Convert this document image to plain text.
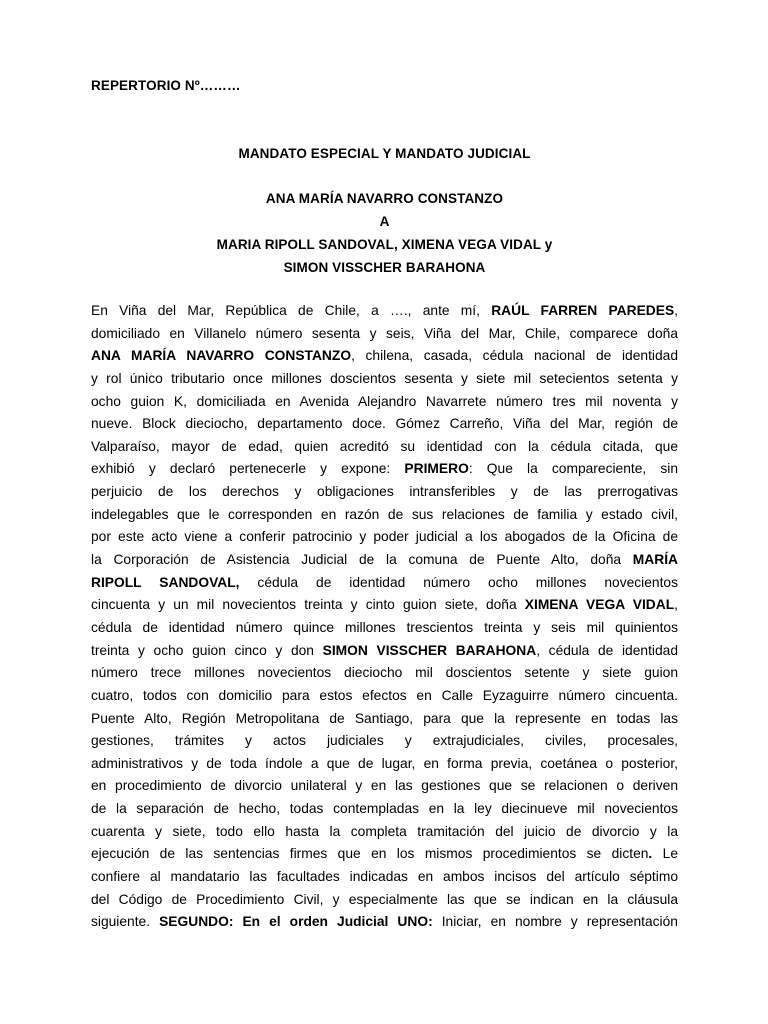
REPERTORIO Nº………
MANDATO ESPECIAL Y MANDATO JUDICIAL
ANA MARÍA NAVARRO CONSTANZO
A
MARIA RIPOLL SANDOVAL, XIMENA VEGA VIDAL y
SIMON VISSCHER BARAHONA
En Viña del Mar, República de Chile, a …., ante mí, RAÚL FARREN PAREDES,
domiciliado en Villanelo número sesenta y seis, Viña del Mar, Chile, comparece doña
ANA MARÍA NAVARRO CONSTANZO, chilena, casada, cédula nacional de identidad
y rol único tributario once millones doscientos sesenta y siete mil setecientos setenta y
ocho guion K, domiciliada en Avenida Alejandro Navarrete número tres mil noventa y
nueve. Block dieciocho, departamento doce. Gómez Carreño, Viña del Mar, región de
Valparaíso, mayor de edad, quien acreditó su identidad con la cédula citada, que
exhibió y declaró pertenecerle y expone: PRIMERO: Que la compareciente, sin
perjuicio de los derechos y obligaciones intransferibles y de las prerrogativas
indelegables que le corresponden en razón de sus relaciones de familia y estado civil,
por este acto viene a conferir patrocinio y poder judicial a los abogados de la Oficina de
la Corporación de Asistencia Judicial de la comuna de Puente Alto, doña MARÍA
RIPOLL SANDOVAL, cédula de identidad número ocho millones novecientos
cincuenta y un mil novecientos treinta y cinto guion siete, doña XIMENA VEGA VIDAL,
cédula de identidad número quince millones trescientos treinta y seis mil quinientos
treinta y ocho guion cinco y don SIMON VISSCHER BARAHONA, cédula de identidad
número trece millones novecientos dieciocho mil doscientos setente y siete guion
cuatro, todos con domicilio para estos efectos en Calle Eyzaguirre número cincuenta.
Puente Alto, Región Metropolitana de Santiago, para que la represente en todas las
gestiones, trámites y actos judiciales y extrajudiciales, civiles, procesales,
administrativos y de toda índole a que de lugar, en forma previa, coetánea o posterior,
en procedimiento de divorcio unilateral y en las gestiones que se relacionen o deriven
de la separación de hecho, todas contempladas en la ley diecinueve mil novecientos
cuarenta y siete, todo ello hasta la completa tramitación del juicio de divorcio y la
ejecución de las sentencias firmes que en los mismos procedimientos se dicten. Le
confiere al mandatario las facultades indicadas en ambos incisos del artículo séptimo
del Código de Procedimiento Civil, y especialmente las que se indican en la cláusula
siguiente. SEGUNDO: En el orden Judicial UNO: Iniciar, en nombre y representación
